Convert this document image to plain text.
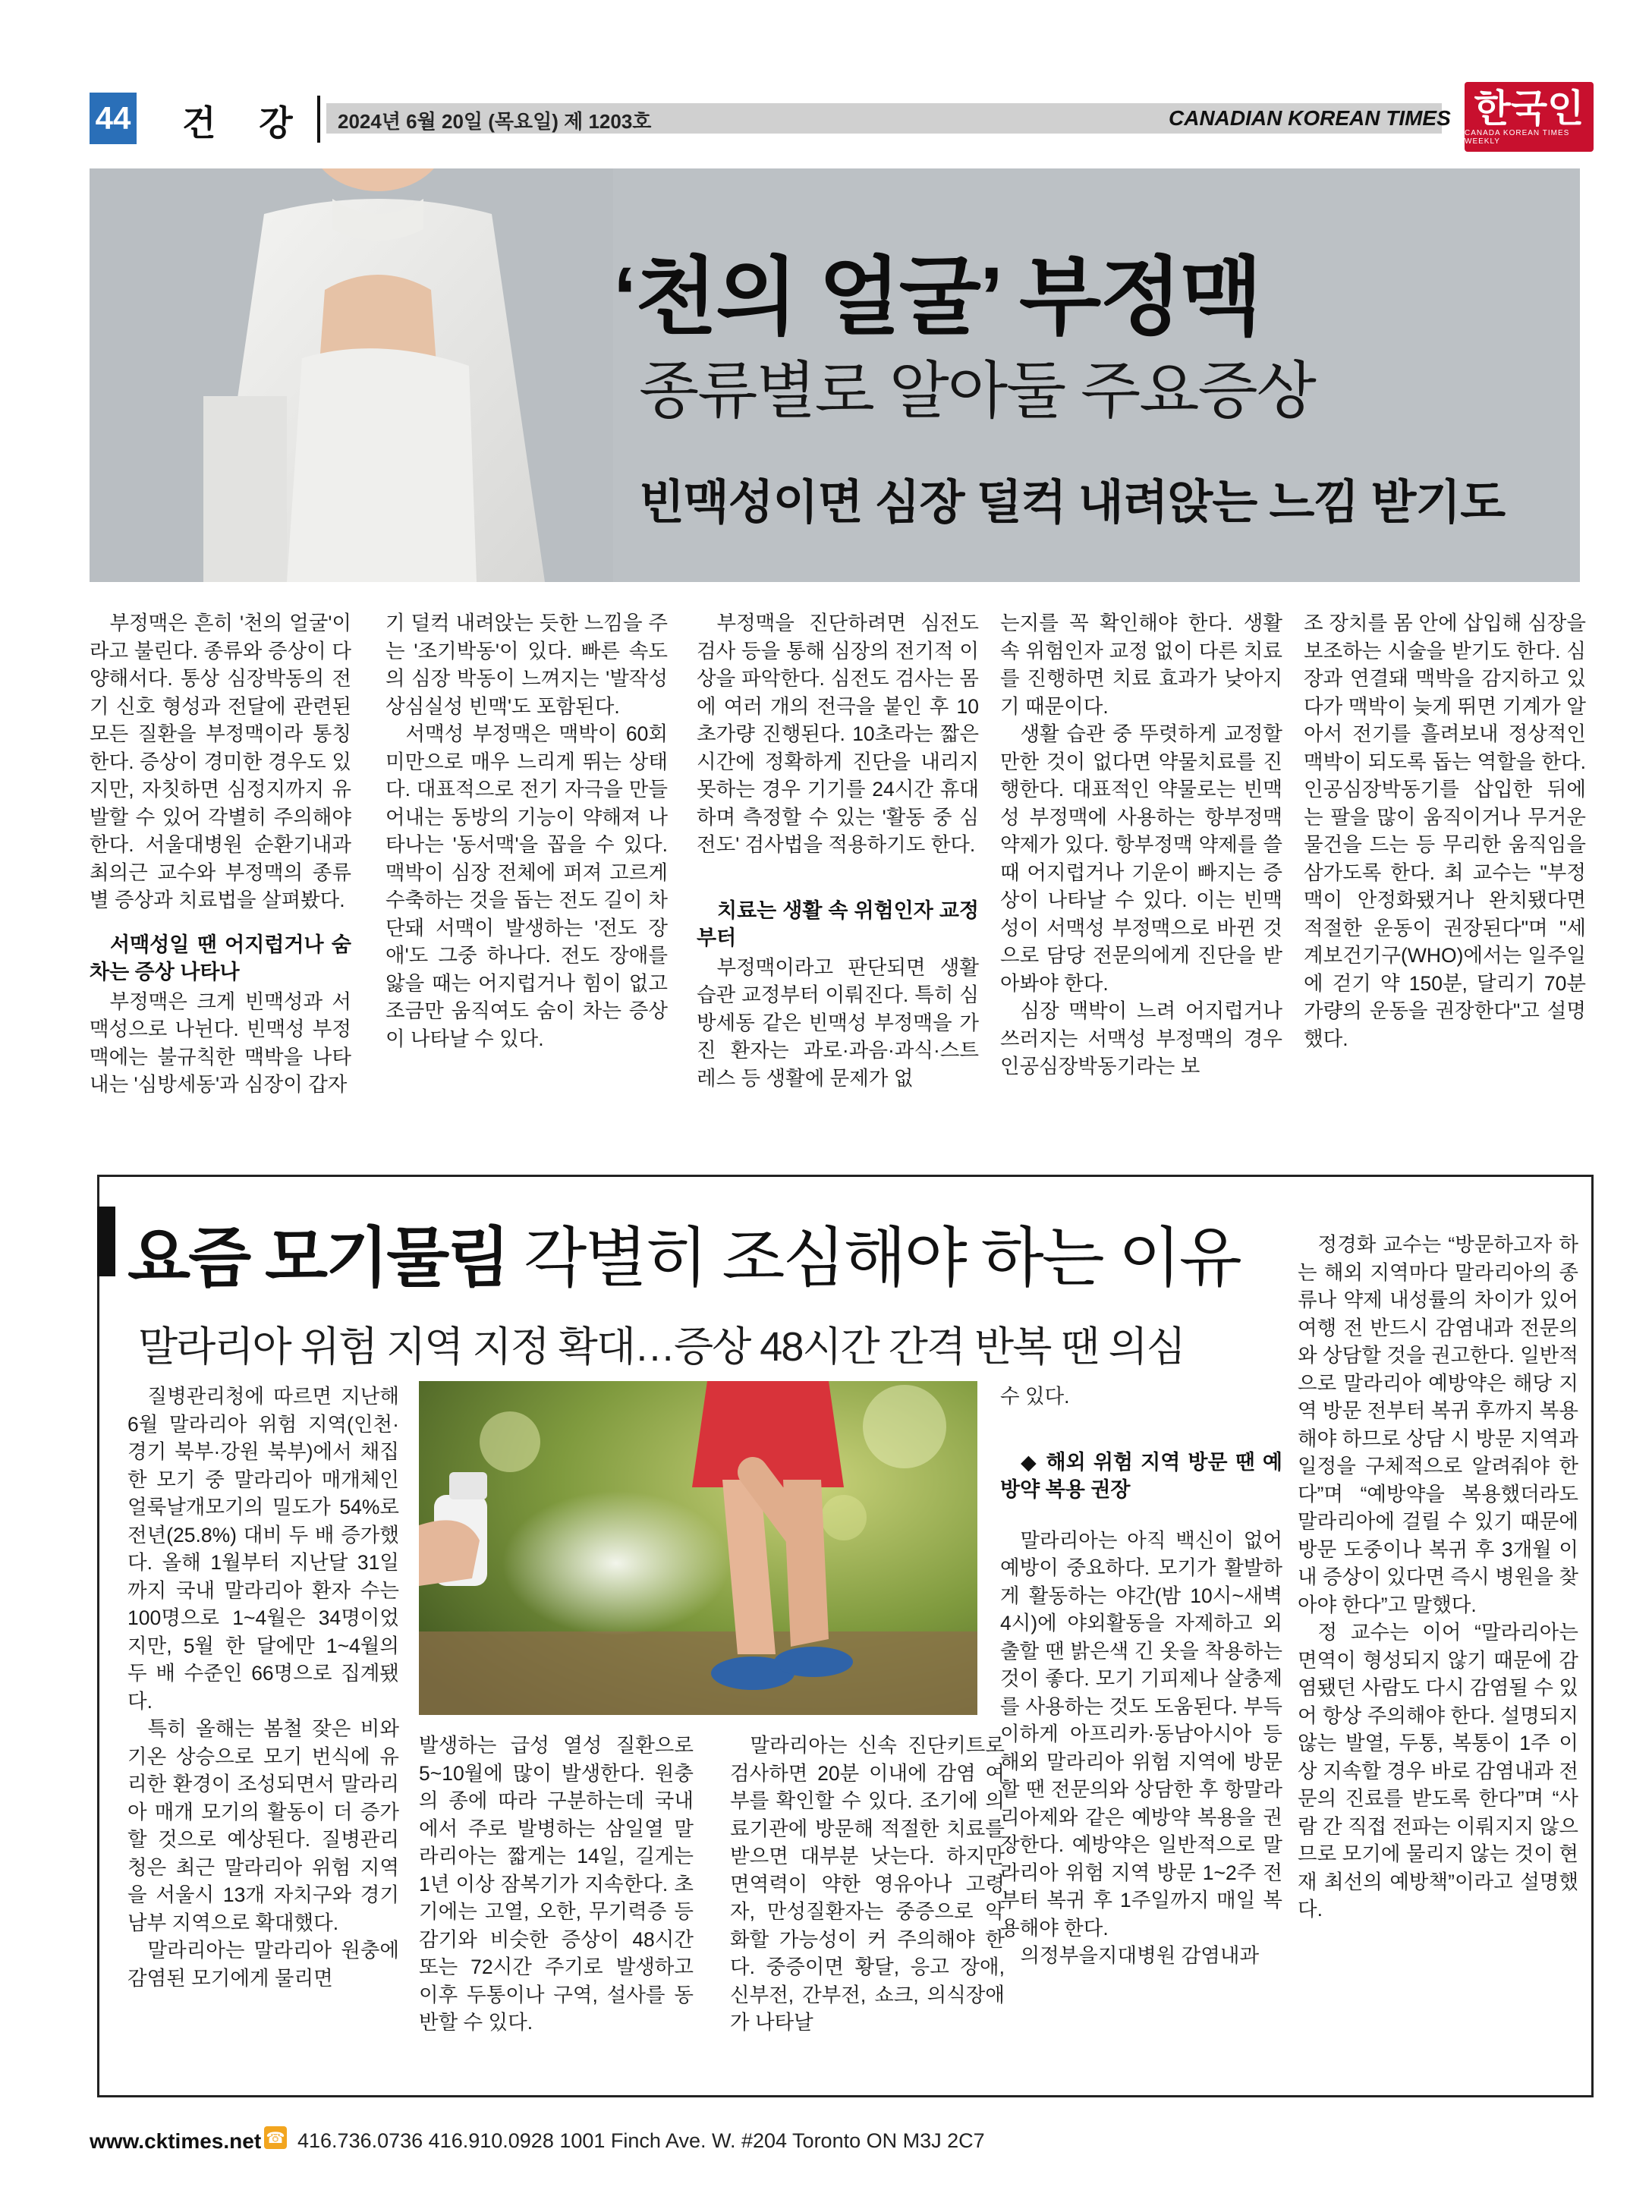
44 건 강 2024년 6월 20일 (목요일) 제 1203호	CANADIAN KOREAN TIMES 한국인
CANADA KOREAN TIMES WEEKLY
‘천의 얼굴’ 부정맥
종류별로 알아둘 주요증상
빈맥성이면 심장 덜컥 내려앉는 느낌 받기도

부정맥은 흔히 '천의 얼굴'이라고 불린다. 종류와 증상이 다양해서다. 통상 심장박동의 전기 신호 형성과 전달에 관련된 모든 질환을 부정맥이라 통칭한다. 증상이 경미한 경우도 있지만, 자칫하면 심정지까지 유발할 수 있어 각별히 주의해야 한다. 서울대병원 순환기내과 최의근 교수와 부정맥의 종류별 증상과 치료법을 살펴봤다.

서맥성일 땐 어지럽거나 숨차는 증상 나타나

부정맥은 크게 빈맥성과 서맥성으로 나뉜다. 빈맥성 부정맥에는 불규칙한 맥박을 나타내는 '심방세동'과 심장이 갑자

기 덜컥 내려앉는 듯한 느낌을 주는 '조기박동'이 있다. 빠른 속도의 심장 박동이 느껴지는 '발작성 상심실성 빈맥'도 포함된다.

서맥성 부정맥은 맥박이 60회 미만으로 매우 느리게 뛰는 상태다. 대표적으로 전기 자극을 만들어내는 동방의 기능이 약해져 나타나는 '동서맥'을 꼽을 수 있다. 맥박이 심장 전체에 퍼져 고르게 수축하는 것을 돕는 전도 길이 차단돼 서맥이 발생하는 '전도 장애'도 그중 하나다. 전도 장애를 앓을 때는 어지럽거나 힘이 없고 조금만 움직여도 숨이 차는 증상이 나타날 수 있다.

부정맥을 진단하려면 심전도 검사 등을 통해 심장의 전기적 이상을 파악한다. 심전도 검사는 몸에 여러 개의 전극을 붙인 후 10초가량 진행된다. 10초라는 짧은 시간에 정확하게 진단을 내리지 못하는 경우 기기를 24시간 휴대하며 측정할 수 있는 '활동 중 심전도' 검사법을 적용하기도 한다.

치료는 생활 속 위험인자 교정부터

부정맥이라고 판단되면 생활 습관 교정부터 이뤄진다. 특히 심방세동 같은 빈맥성 부정맥을 가진 환자는 과로·과음·과식·스트레스 등 생활에 문제가 없

는지를 꼭 확인해야 한다. 생활 속 위험인자 교정 없이 다른 치료를 진행하면 치료 효과가 낮아지기 때문이다.

생활 습관 중 뚜렷하게 교정할 만한 것이 없다면 약물치료를 진행한다. 대표적인 약물로는 빈맥성 부정맥에 사용하는 항부정맥 약제가 있다. 항부정맥 약제를 쓸 때 어지럽거나 기운이 빠지는 증상이 나타날 수 있다. 이는 빈맥성이 서맥성 부정맥으로 바뀐 것으로 담당 전문의에게 진단을 받아봐야 한다.

심장 맥박이 느려 어지럽거나 쓰러지는 서맥성 부정맥의 경우 인공심장박동기라는 보

조 장치를 몸 안에 삽입해 심장을 보조하는 시술을 받기도 한다. 심장과 연결돼 맥박을 감지하고 있다가 맥박이 늦게 뛰면 기계가 알아서 전기를 흘려보내 정상적인 맥박이 되도록 돕는 역할을 한다. 인공심장박동기를 삽입한 뒤에는 팔을 많이 움직이거나 무거운 물건을 드는 등 무리한 움직임을 삼가도록 한다. 최 교수는 "부정맥이 안정화됐거나 완치됐다면 적절한 운동이 권장된다"며 "세계보건기구(WHO)에서는 일주일에 걷기 약 150분, 달리기 70분가량의 운동을 권장한다"고 설명했다.

요즘 모기물림 각별히 조심해야 하는 이유
말라리아 위험 지역 지정 확대…증상 48시간 간격 반복 땐 의심

질병관리청에 따르면 지난해 6월 말라리아 위험 지역(인천·경기 북부·강원 북부)에서 채집한 모기 중 말라리아 매개체인 얼룩날개모기의 밀도가 54%로 전년(25.8%) 대비 두 배 증가했다. 올해 1월부터 지난달 31일까지 국내 말라리아 환자 수는 100명으로 1~4월은 34명이었지만, 5월 한 달에만 1~4월의 두 배 수준인 66명으로 집계됐다.

특히 올해는 봄철 잦은 비와 기온 상승으로 모기 번식에 유리한 환경이 조성되면서 말라리아 매개 모기의 활동이 더 증가할 것으로 예상된다. 질병관리청은 최근 말라리아 위험 지역을 서울시 13개 자치구와 경기 남부 지역으로 확대했다.

말라리아는 말라리아 원충에 감염된 모기에게 물리면

발생하는 급성 열성 질환으로 5~10월에 많이 발생한다. 원충의 종에 따라 구분하는데 국내에서 주로 발병하는 삼일열 말라리아는 짧게는 14일, 길게는 1년 이상 잠복기가 지속한다. 초기에는 고열, 오한, 무기력증 등 감기와 비슷한 증상이 48시간 또는 72시간 주기로 발생하고 이후 두통이나 구역, 설사를 동반할 수 있다.

말라리아는 신속 진단키트로 검사하면 20분 이내에 감염 여부를 확인할 수 있다. 조기에 의료기관에 방문해 적절한 치료를 받으면 대부분 낫는다. 하지만 면역력이 약한 영유아나 고령자, 만성질환자는 중증으로 악화할 가능성이 커 주의해야 한다. 중증이면 황달, 응고 장애, 신부전, 간부전, 쇼크, 의식장애가 나타날

수 있다.

◆ 해외 위험 지역 방문 땐 예방약 복용 권장

말라리아는 아직 백신이 없어 예방이 중요하다. 모기가 활발하게 활동하는 야간(밤 10시~새벽 4시)에 야외활동을 자제하고 외출할 땐 밝은색 긴 옷을 착용하는 것이 좋다. 모기 기피제나 살충제를 사용하는 것도 도움된다. 부득이하게 아프리카·동남아시아 등 해외 말라리아 위험 지역에 방문할 땐 전문의와 상담한 후 항말라리아제와 같은 예방약 복용을 권장한다. 예방약은 일반적으로 말라리아 위험 지역 방문 1~2주 전부터 복귀 후 1주일까지 매일 복용해야 한다.

의정부을지대병원 감염내과

정경화 교수는 “방문하고자 하는 해외 지역마다 말라리아의 종류나 약제 내성률의 차이가 있어 여행 전 반드시 감염내과 전문의와 상담할 것을 권고한다. 일반적으로 말라리아 예방약은 해당 지역 방문 전부터 복귀 후까지 복용해야 하므로 상담 시 방문 지역과 일정을 구체적으로 알려줘야 한다”며 “예방약을 복용했더라도 말라리아에 걸릴 수 있기 때문에 방문 도중이나 복귀 후 3개월 이내 증상이 있다면 즉시 병원을 찾아야 한다”고 말했다.

정 교수는 이어 “말라리아는 면역이 형성되지 않기 때문에 감염됐던 사람도 다시 감염될 수 있어 항상 주의해야 한다. 설명되지 않는 발열, 두통, 복통이 1주 이상 지속할 경우 바로 감염내과 전문의 진료를 받도록 한다”며 “사람 간 직접 전파는 이뤄지지 않으므로 모기에 물리지 않는 것이 현재 최선의 예방책”이라고 설명했다.

www.cktimes.net ☎ 416.736.0736 416.910.0928 1001 Finch Ave. W. #204 Toronto ON M3J 2C7
